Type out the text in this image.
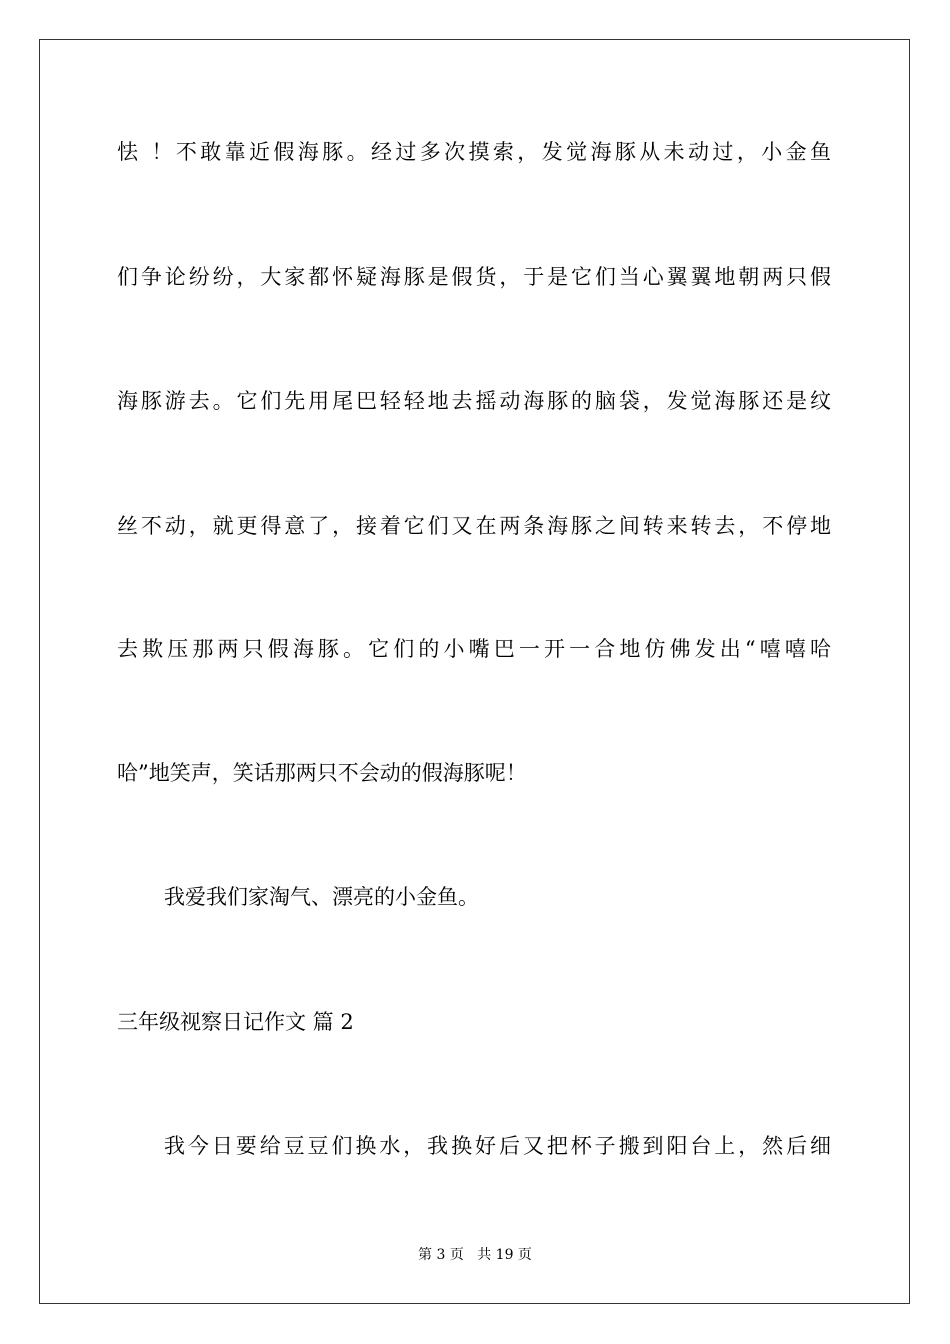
怯 ！不敢靠近假海豚。经过多次摸索，发觉海豚从未动过，小金鱼
们争论纷纷，大家都怀疑海豚是假货，于是它们当心翼翼地朝两只假
海豚游去。它们先用尾巴轻轻地去摇动海豚的脑袋，发觉海豚还是纹
丝不动，就更得意了，接着它们又在两条海豚之间转来转去，不停地
去欺压那两只假海豚。它们的小嘴巴一开一合地仿佛发出“嘻嘻哈
哈”地笑声，笑话那两只不会动的假海豚呢！
我爱我们家淘气、漂亮的小金鱼。
三年级视察日记作文 篇 2
我今日要给豆豆们换水，我换好后又把杯子搬到阳台上，然后细
第 3 页 共 19 页
